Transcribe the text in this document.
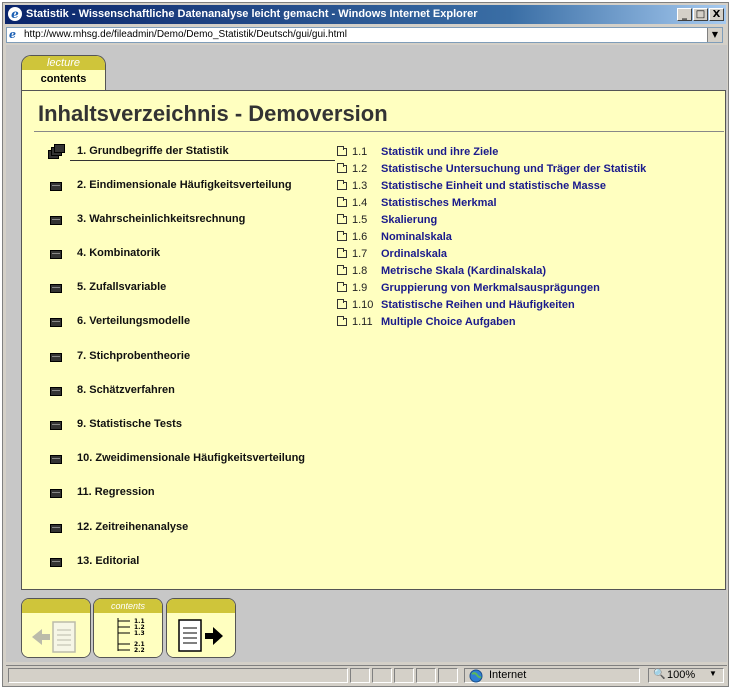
e Statistik - Wissenschaftliche Datenanalyse leicht gemacht - Windows Internet Explorer	_ □ X
e http://www.mhsg.de/fileadmin/Demo/Demo_Statistik/Deutsch/gui/gui.html	▼
lecture
contents
Inhaltsverzeichnis - Demoversion
1. Grundbegriffe der Statistik
2. Eindimensionale Häufigkeitsverteilung
3. Wahrscheinlichkeitsrechnung
4. Kombinatorik
5. Zufallsvariable
6. Verteilungsmodelle
7. Stichprobentheorie
8. Schätzverfahren
9. Statistische Tests
10. Zweidimensionale Häufigkeitsverteilung
11. Regression
12. Zeitreihenanalyse
13. Editorial
1.1 Statistik und ihre Ziele
1.2 Statistische Untersuchung und Träger der Statistik
1.3 Statistische Einheit und statistische Masse
1.4 Statistisches Merkmal
1.5 Skalierung
1.6 Nominalskala
1.7 Ordinalskala
1.8 Metrische Skala (Kardinalskala)
1.9 Gruppierung von Merkmalsausprägungen
1.10 Statistische Reihen und Häufigkeiten
1.11 Multiple Choice Aufgaben
contents
1.1
1.2
1.3
2.1
2.2
Internet	🔍 100% ▼
